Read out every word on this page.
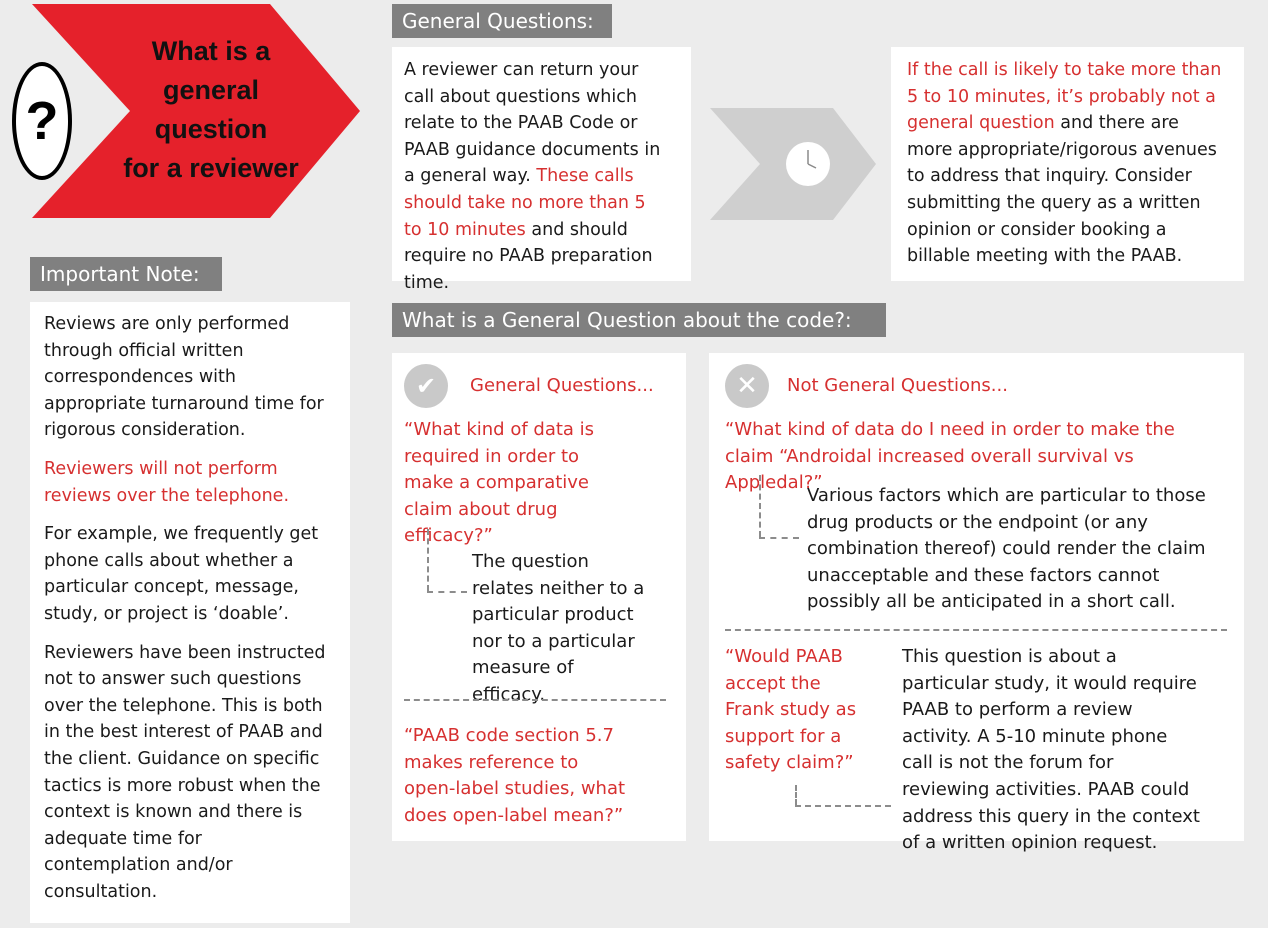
?
What is a
general
question
for a reviewer
General Questions:
A reviewer can return your call about questions which relate to the PAAB Code or PAAB guidance documents in a general way. These calls should take no more than 5 to 10 minutes and should require no PAAB preparation time.
If the call is likely to take more than 5 to 10 minutes, it’s probably not a general question and there are more appropriate/rigorous avenues to address that inquiry. Consider submitting the query as a written opinion or consider booking a billable meeting with the PAAB.
Important Note:

Reviews are only performed through official written correspondences with appropriate turnaround time for rigorous consideration.

Reviewers will not perform reviews over the telephone.

For example, we frequently get phone calls about whether a particular concept, message, study, or project is ‘doable’.

Reviewers have been instructed not to answer such questions over the telephone. This is both in the best interest of PAAB and the client. Guidance on specific tactics is more robust when the context is known and there is adequate time for contemplation and/or consultation.

What is a General Question about the code?:
✔	General Questions...
“What kind of data is required in order to make a comparative claim about drug efficacy?”
The question relates neither to a particular product nor to a particular measure of efficacy.
“PAAB code section 5.7 makes reference to open-label studies, what does open-label mean?”
✕	Not General Questions...
“What kind of data do I need in order to make the claim “Androidal increased overall survival vs Appledal?”
Various factors which are particular to those drug products or the endpoint (or any combination thereof) could render the claim unacceptable and these factors cannot possibly all be anticipated in a short call.
“Would PAAB accept the Frank study as support for a safety claim?”
This question is about a particular study, it would require PAAB to perform a review activity. A 5-10 minute phone call is not the forum for reviewing activities. PAAB could address this query in the context of a written opinion request.
